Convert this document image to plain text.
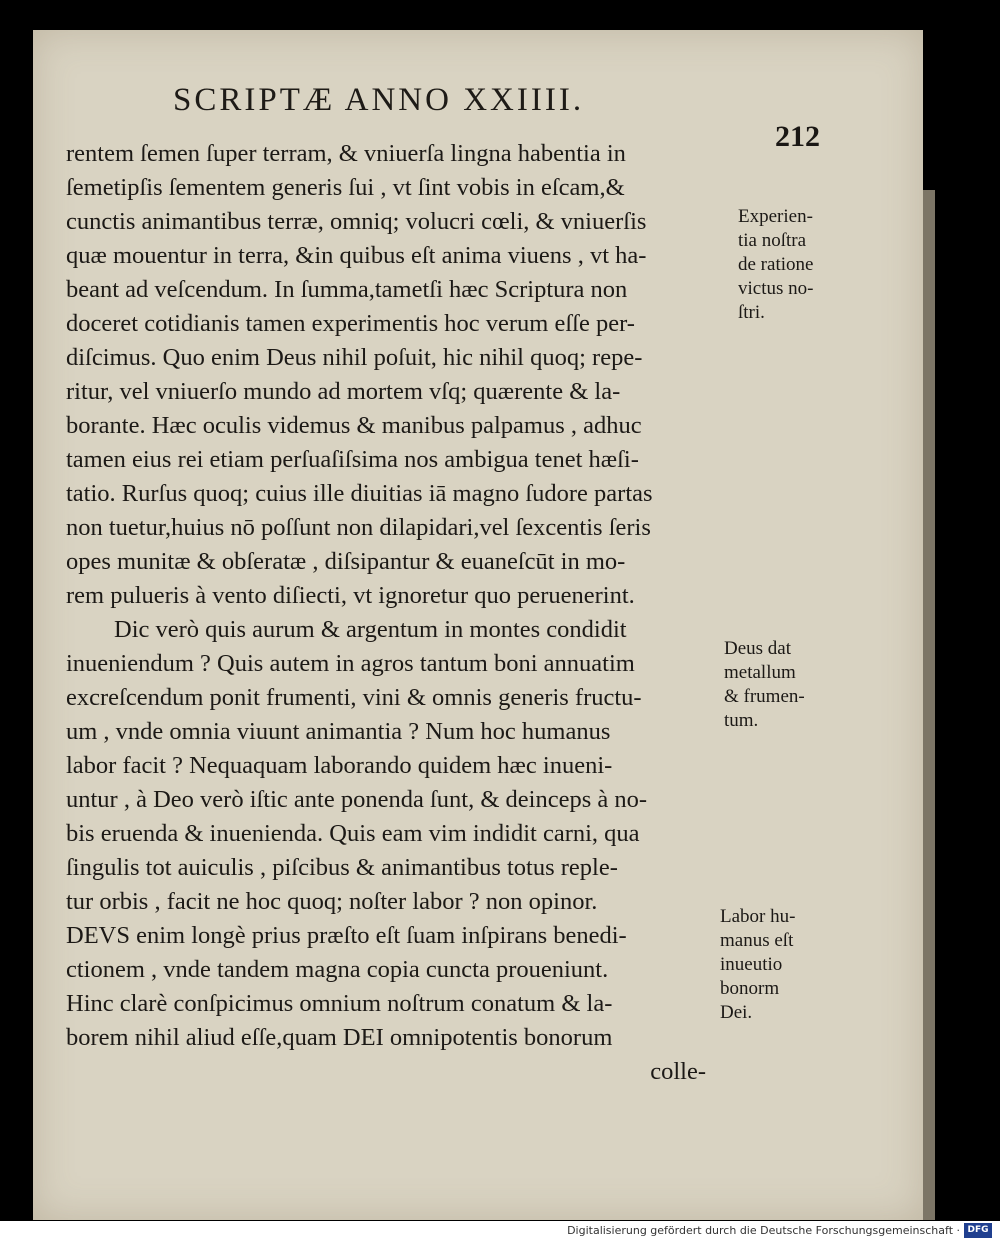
SCRIPTÆ ANNO XXIIII.
212
rentem ſemen ſuper terram, & vniuerſa lingna habentia in
ſemetipſis ſementem generis ſui , vt ſint vobis in eſcam,&
cunctis animantibus terræ, omniq; volucri cœli, & vniuerſis
quæ mouentur in terra, &in quibus eſt anima viuens , vt ha-
beant ad veſcendum. In ſumma,tametſi hæc Scriptura non
doceret cotidianis tamen experimentis hoc verum eſſe per-
diſcimus. Quo enim Deus nihil poſuit, hic nihil quoq; repe-
ritur, vel vniuerſo mundo ad mortem vſq; quærente & la-
borante. Hæc oculis videmus & manibus palpamus , adhuc
tamen eius rei etiam perſuaſiſsima nos ambigua tenet hæſi-
tatio. Rurſus quoq; cuius ille diuitias iā magno ſudore partas
non tuetur,huius nō poſſunt non dilapidari,vel ſexcentis ſeris
opes munitæ & obſeratæ , diſsipantur & euaneſcūt in mo-
rem pulueris à vento diſiecti, vt ignoretur quo peruenerint.
Dic verò quis aurum & argentum in montes condidit
inueniendum ? Quis autem in agros tantum boni annuatim
excreſcendum ponit frumenti, vini & omnis generis fructu-
um , vnde omnia viuunt animantia ? Num hoc humanus
labor facit ? Nequaquam laborando quidem hæc inueni-
untur , à Deo verò iſtic ante ponenda ſunt, & deinceps à no-
bis eruenda & inuenienda. Quis eam vim indidit carni, qua
ſingulis tot auiculis , piſcibus & animantibus totus reple-
tur orbis , facit ne hoc quoq; noſter labor ? non opinor.
DEVS enim longè prius præſto eſt ſuam inſpirans benedi-
ctionem , vnde tandem magna copia cuncta proueniunt.
Hinc clarè conſpicimus omnium noſtrum conatum & la-
borem nihil aliud eſſe,quam DEI omnipotentis bonorum
colle-
Experien-
tia noſtra
de ratione
victus no-
ſtri.
Deus dat
metallum
& frumen-
tum.
Labor hu-
manus eſt
inueutio
bonorm
Dei.
Digitalisierung gefördert durch die Deutsche Forschungsgemeinschaft · DFG
